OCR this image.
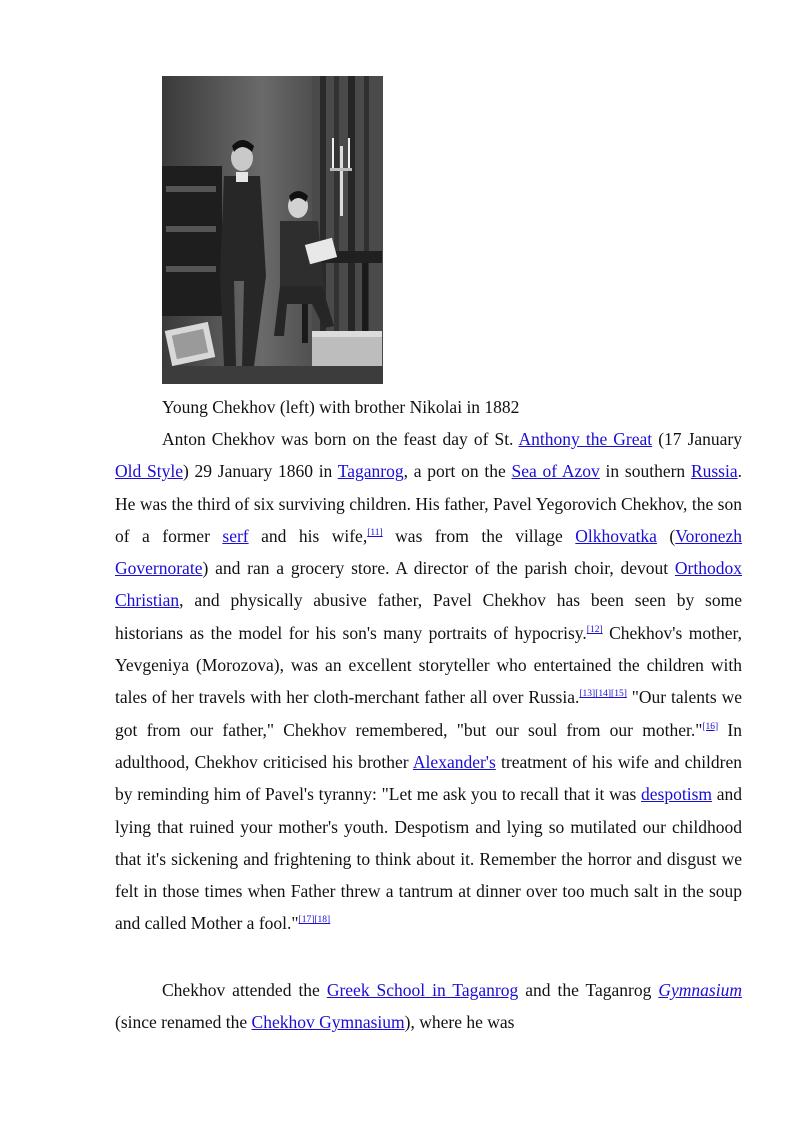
Young Chekhov (left) with brother Nikolai in 1882

Anton Chekhov was born on the feast day of St. Anthony the Great (17 January Old Style) 29 January 1860 in Taganrog, a port on the Sea of Azov in southern Russia. He was the third of six surviving children. His father, Pavel Yegorovich Chekhov, the son of a former serf and his wife,[11] was from the village Olkhovatka (Voronezh Governorate) and ran a grocery store. A director of the parish choir, devout Orthodox Christian, and physically abusive father, Pavel Chekhov has been seen by some historians as the model for his son's many portraits of hypocrisy.[12] Chekhov's mother, Yevgeniya (Morozova), was an excellent storyteller who entertained the children with tales of her travels with her cloth-merchant father all over Russia.[13][14][15] "Our talents we got from our father," Chekhov remembered, "but our soul from our mother."[16] In adulthood, Chekhov criticised his brother Alexander's treatment of his wife and children by reminding him of Pavel's tyranny: "Let me ask you to recall that it was despotism and lying that ruined your mother's youth. Despotism and lying so mutilated our childhood that it's sickening and frightening to think about it. Remember the horror and disgust we felt in those times when Father threw a tantrum at dinner over too much salt in the soup and called Mother a fool."[17][18]

Chekhov attended the Greek School in Taganrog and the Taganrog Gymnasium (since renamed the Chekhov Gymnasium), where he was
